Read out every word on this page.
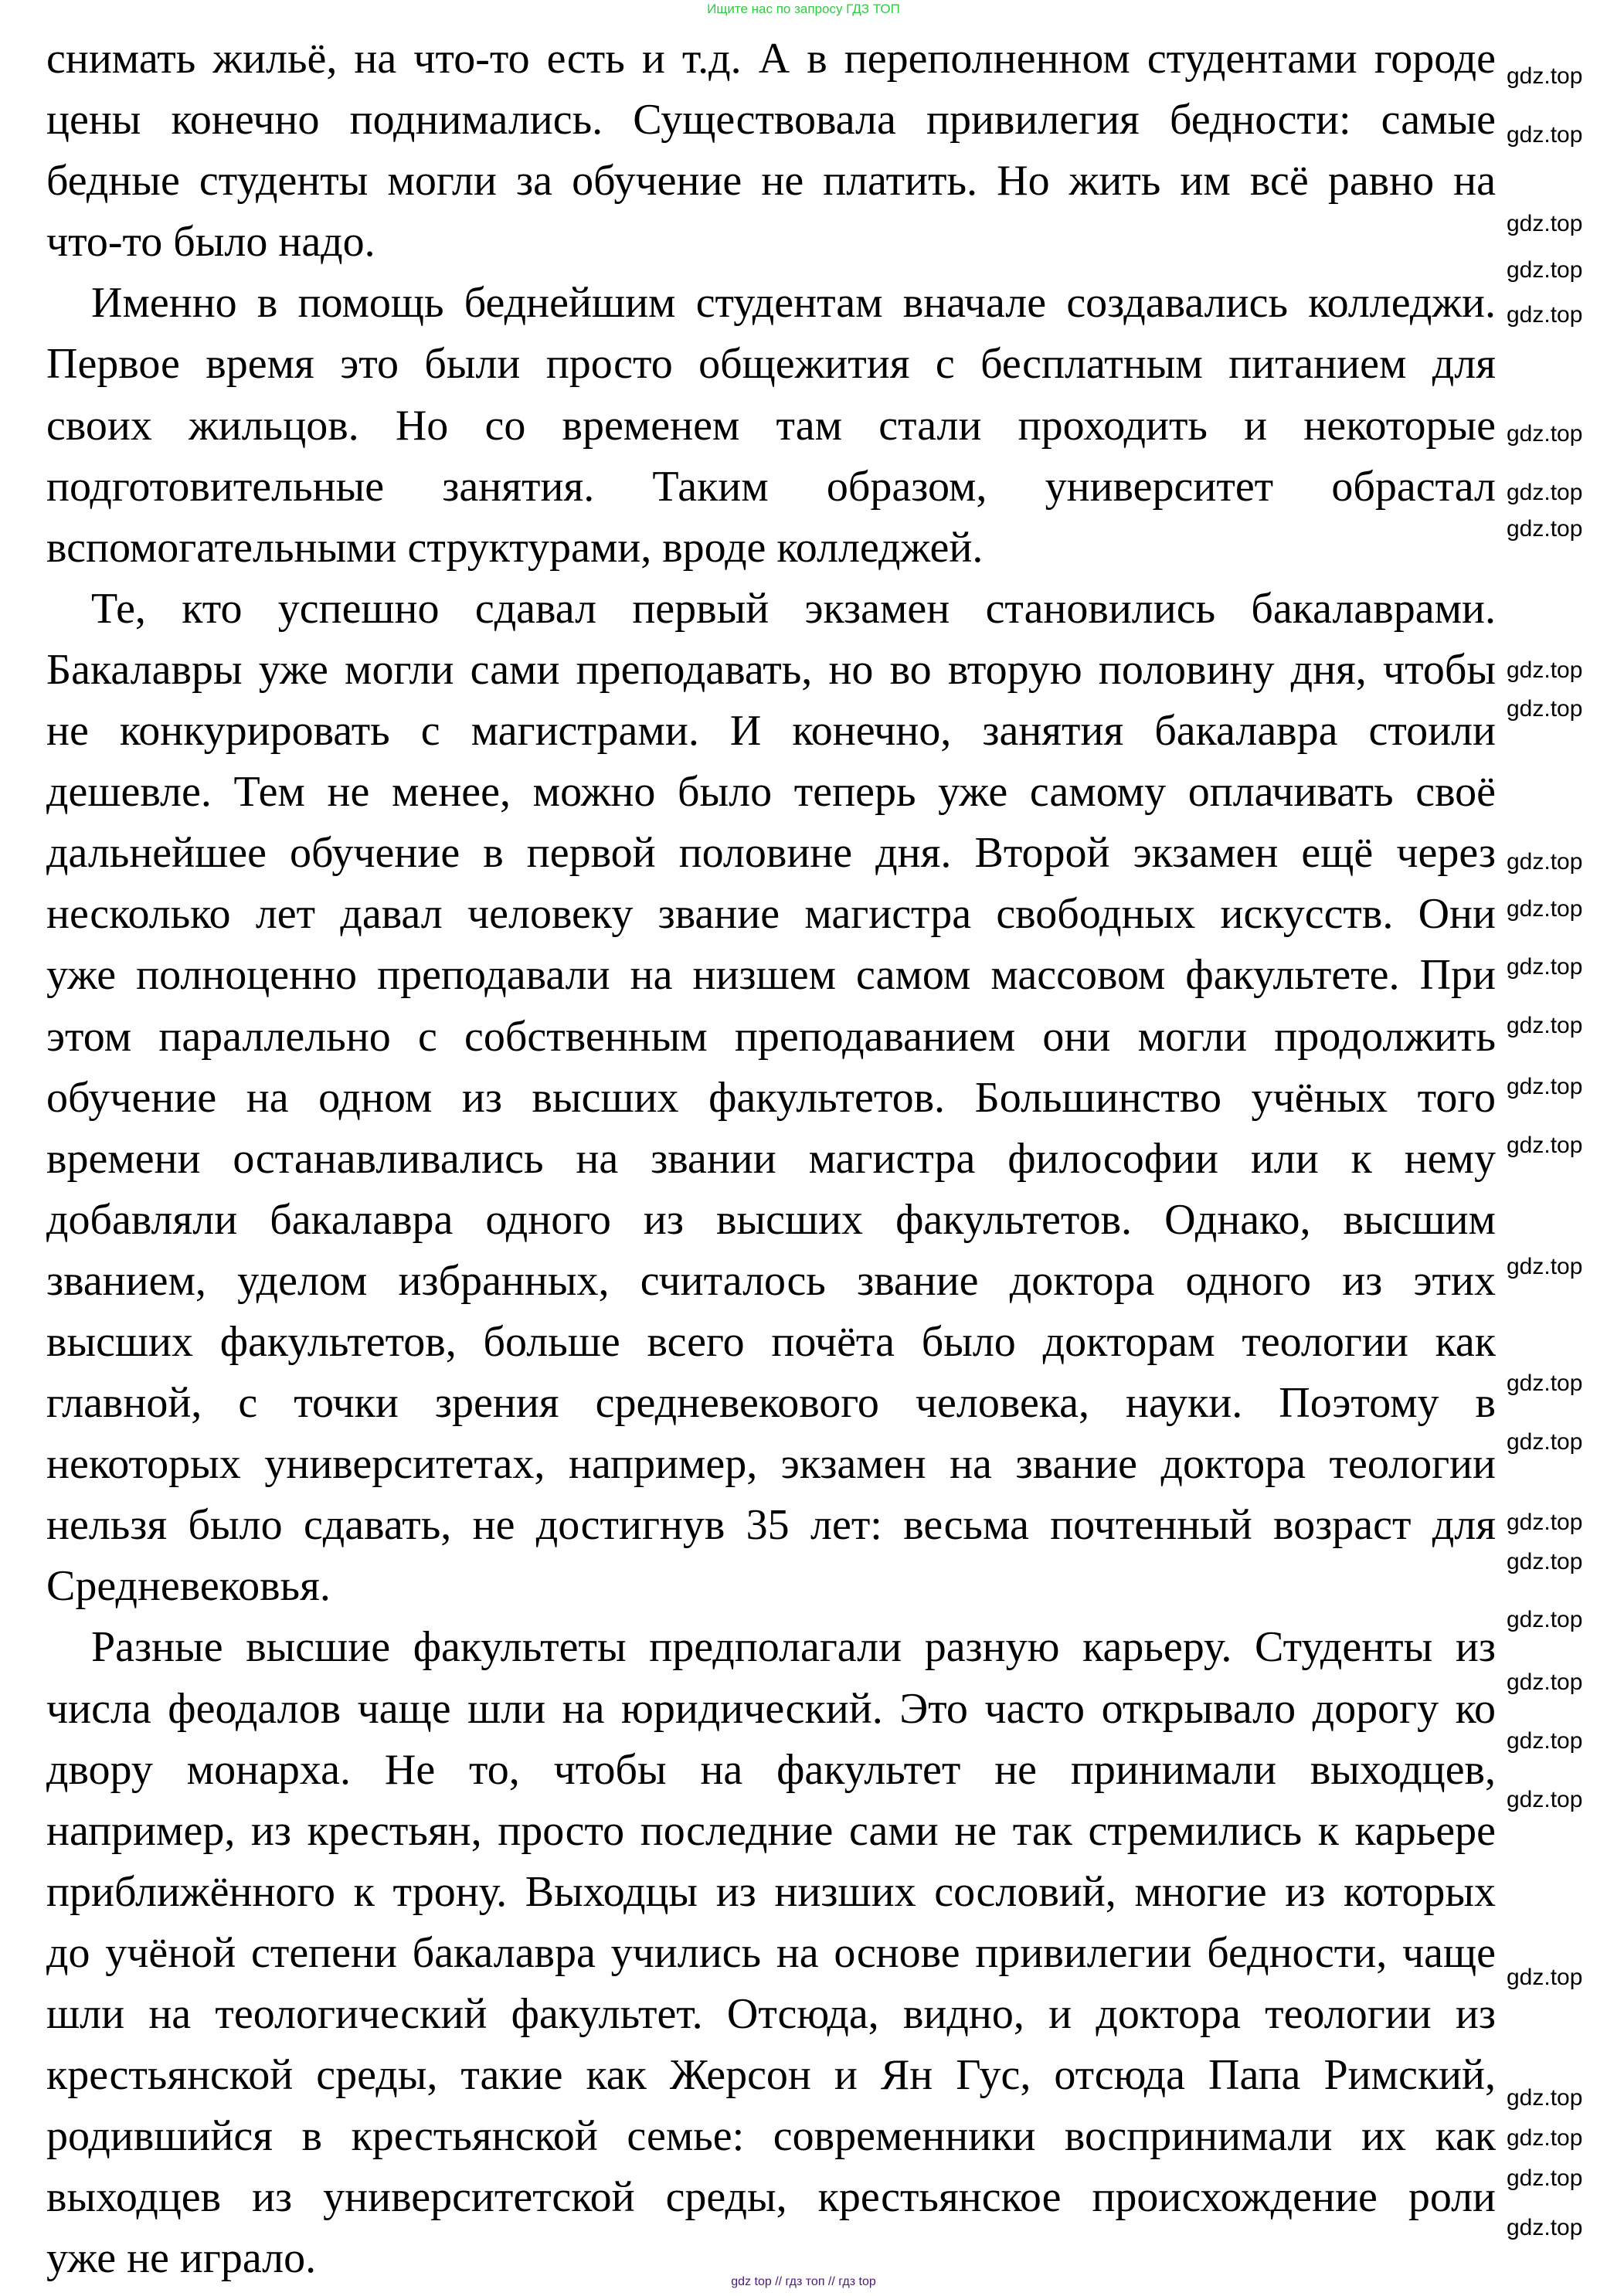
Ищите нас по запросу ГДЗ ТОП
снимать жильё, на что-то есть и т.д. А в переполненном студентами городе
цены конечно поднимались. Существовала привилегия бедности: самые
бедные студенты могли за обучение не платить. Но жить им всё равно на
что-то было надо.
Именно в помощь беднейшим студентам вначале создавались колледжи.
Первое время это были просто общежития с бесплатным питанием для
своих жильцов. Но со временем там стали проходить и некоторые
подготовительные занятия. Таким образом, университет обрастал
вспомогательными структурами, вроде колледжей.
Те, кто успешно сдавал первый экзамен становились бакалаврами.
Бакалавры уже могли сами преподавать, но во вторую половину дня, чтобы
не конкурировать с магистрами. И конечно, занятия бакалавра стоили
дешевле. Тем не менее, можно было теперь уже самому оплачивать своё
дальнейшее обучение в первой половине дня. Второй экзамен ещё через
несколько лет давал человеку звание магистра свободных искусств. Они
уже полноценно преподавали на низшем самом массовом факультете. При
этом параллельно с собственным преподаванием они могли продолжить
обучение на одном из высших факультетов. Большинство учёных того
времени останавливались на звании магистра философии или к нему
добавляли бакалавра одного из высших факультетов. Однако, высшим
званием, уделом избранных, считалось звание доктора одного из этих
высших факультетов, больше всего почёта было докторам теологии как
главной, с точки зрения средневекового человека, науки. Поэтому в
некоторых университетах, например, экзамен на звание доктора теологии
нельзя было сдавать, не достигнув 35 лет: весьма почтенный возраст для
Средневековья.
Разные высшие факультеты предполагали разную карьеру. Студенты из
числа феодалов чаще шли на юридический. Это часто открывало дорогу ко
двору монарха. Не то, чтобы на факультет не принимали выходцев,
например, из крестьян, просто последние сами не так стремились к карьере
приближённого к трону. Выходцы из низших сословий, многие из которых
до учёной степени бакалавра учились на основе привилегии бедности, чаще
шли на теологический факультет. Отсюда, видно, и доктора теологии из
крестьянской среды, такие как Жерсон и Ян Гус, отсюда Папа Римский,
родившийся в крестьянской семье: современники воспринимали их как
выходцев из университетской среды, крестьянское происхождение роли
уже не играло.
gdz.top
gdz.top
gdz.top
gdz.top
gdz.top
gdz.top
gdz.top
gdz.top
gdz.top
gdz.top
gdz.top
gdz.top
gdz.top
gdz.top
gdz.top
gdz.top
gdz.top
gdz.top
gdz.top
gdz.top
gdz.top
gdz.top
gdz.top
gdz.top
gdz.top
gdz.top
gdz.top
gdz.top
gdz.top
gdz.top
gdz top // гдз топ // гдз top
